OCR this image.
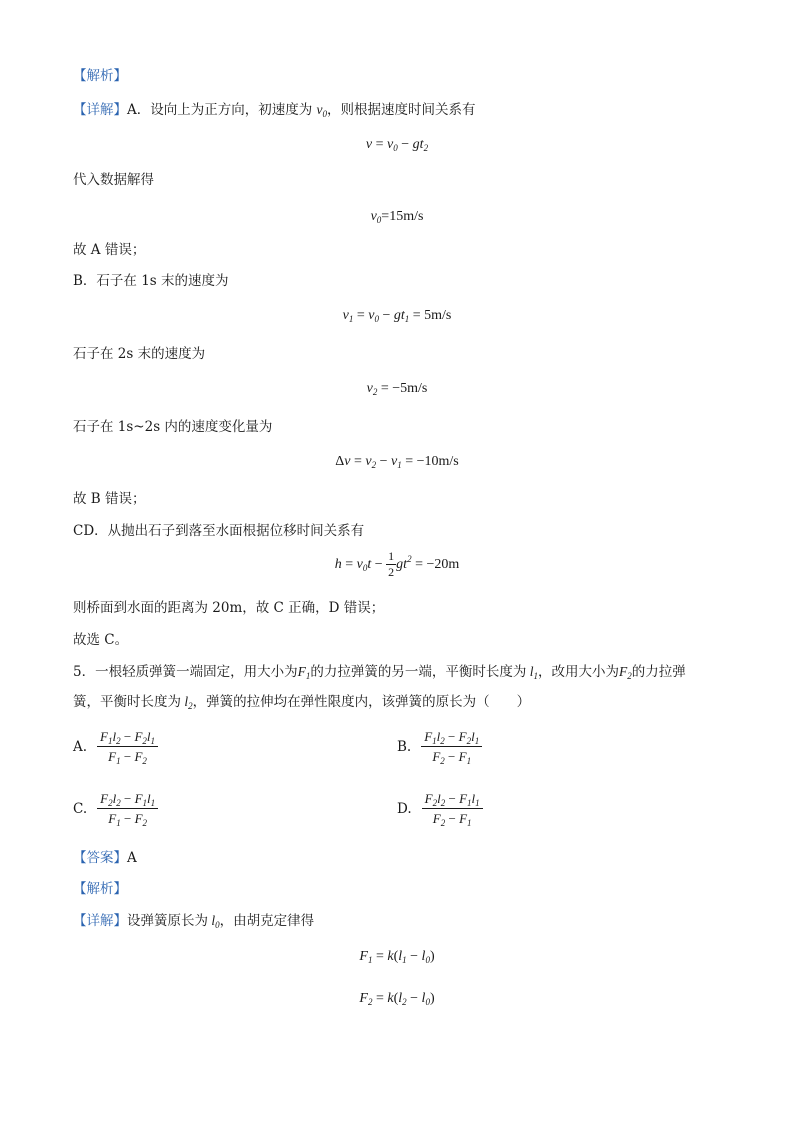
【解析】
【详解】A．设向上为正方向，初速度为 $v_0$，则根据速度时间关系有
$v = v_0 - gt_2$
代入数据解得
$v_0=15m/s$
故 A 错误；
B．石子在 1s 末的速度为
$v_1 = v_0 - gt_1 = 5m/s$
石子在 2s 末的速度为
$v_2 = -5m/s$
石子在 1s~2s 内的速度变化量为
$\Delta v = v_2 - v_1 = -10m/s$
故 B 错误；
CD．从抛出石子到落至水面根据位移时间关系有
$h = v_0t - \frac{1}{2} gt^2 = -20m$
则桥面到水面的距离为 20m，故 C 正确，D 错误；
故选 C。
5．一根轻质弹簧一端固定，用大小为$F_1$的力拉弹簧的另一端，平衡时长度为 $l_1$，改用大小为$F_2$的力拉弹
簧，平衡时长度为 $l_2$，弹簧的拉伸均在弹性限度内，该弹簧的原长为（　　）
A. $\frac{F_1l_2 - F_2l_1}{F_1 - F_2}$	B. $\frac{F_1l_2 - F_2l_1}{F_2 - F_1}$
C. $\frac{F_2l_2 - F_1l_1}{F_1 - F_2}$	D. $\frac{F_2l_2 - F_1l_1}{F_2 - F_1}$
【答案】A
【解析】
【详解】设弹簧原长为 $l_0$，由胡克定律得
$F_1 = k(l_1 - l_0)$
$F_2 = k(l_2 - l_0)$
